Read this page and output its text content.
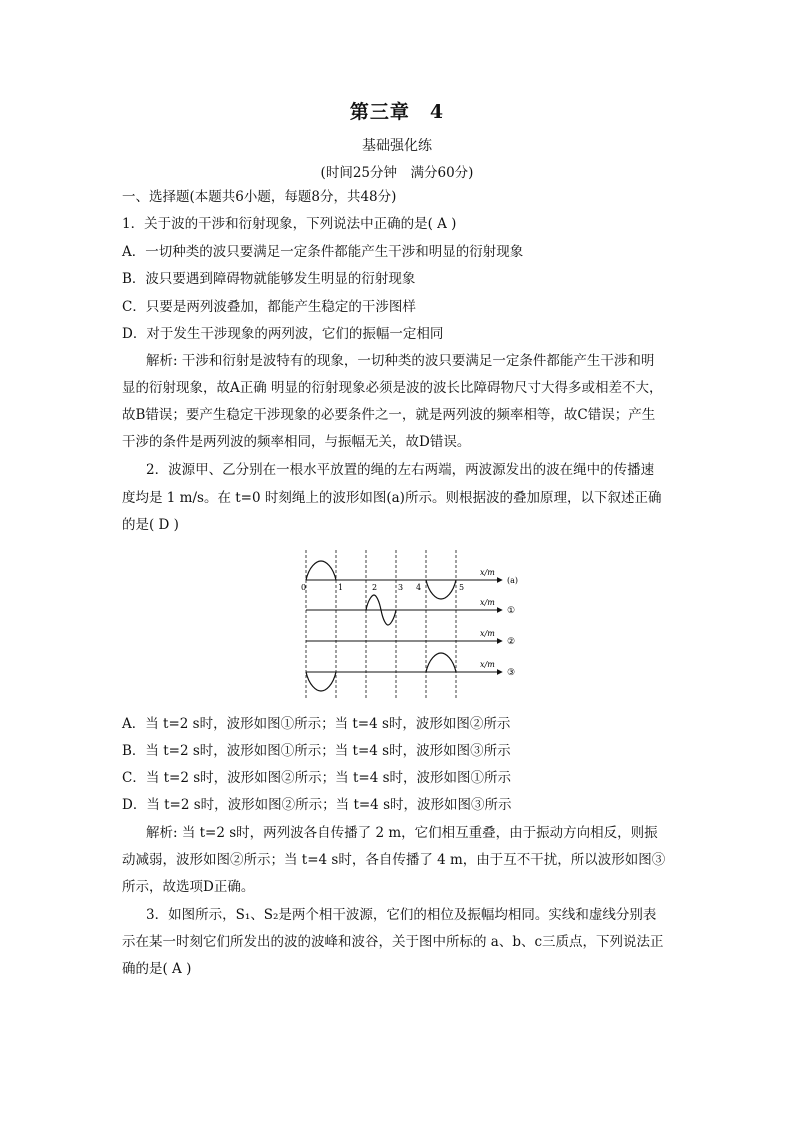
第三章　4
基础强化练
(时间25分钟　满分60分)
一、选择题(本题共6小题，每题8分，共48分)
1．关于波的干涉和衍射现象，下列说法中正确的是( A )
A．一切种类的波只要满足一定条件都能产生干涉和明显的衍射现象
B．波只要遇到障碍物就能够发生明显的衍射现象
C．只要是两列波叠加，都能产生稳定的干涉图样
D．对于发生干涉现象的两列波，它们的振幅一定相同
解析: 干涉和衍射是波特有的现象，一切种类的波只要满足一定条件都能产生干涉和明
显的衍射现象，故A正确 明显的衍射现象必须是波的波长比障碍物尺寸大得多或相差不大，
故B错误；要产生稳定干涉现象的必要条件之一，就是两列波的频率相等，故C错误；产生
干涉的条件是两列波的频率相同，与振幅无关，故D错误。
2．波源甲、乙分别在一根水平放置的绳的左右两端，两波源发出的波在绳中的传播速
度均是 1 m/s。在 t=0 时刻绳上的波形如图(a)所示。则根据波的叠加原理，以下叙述正确
的是( D )
x/m
(a)
0	1	2	3 4	5
x/m
①
x/m
②
x/m
③
A．当 t=2 s时，波形如图①所示；当 t=4 s时，波形如图②所示
B．当 t=2 s时，波形如图①所示；当 t=4 s时，波形如图③所示
C．当 t=2 s时，波形如图②所示；当 t=4 s时，波形如图①所示
D．当 t=2 s时，波形如图②所示；当 t=4 s时，波形如图③所示
解析: 当 t=2 s时，两列波各自传播了 2 m，它们相互重叠，由于振动方向相反，则振
动减弱，波形如图②所示；当 t=4 s时，各自传播了 4 m，由于互不干扰，所以波形如图③
所示，故选项D正确。
3．如图所示，S₁、S₂是两个相干波源，它们的相位及振幅均相同。实线和虚线分别表
示在某一时刻它们所发出的波的波峰和波谷，关于图中所标的 a、b、c三质点，下列说法正
确的是( A )
